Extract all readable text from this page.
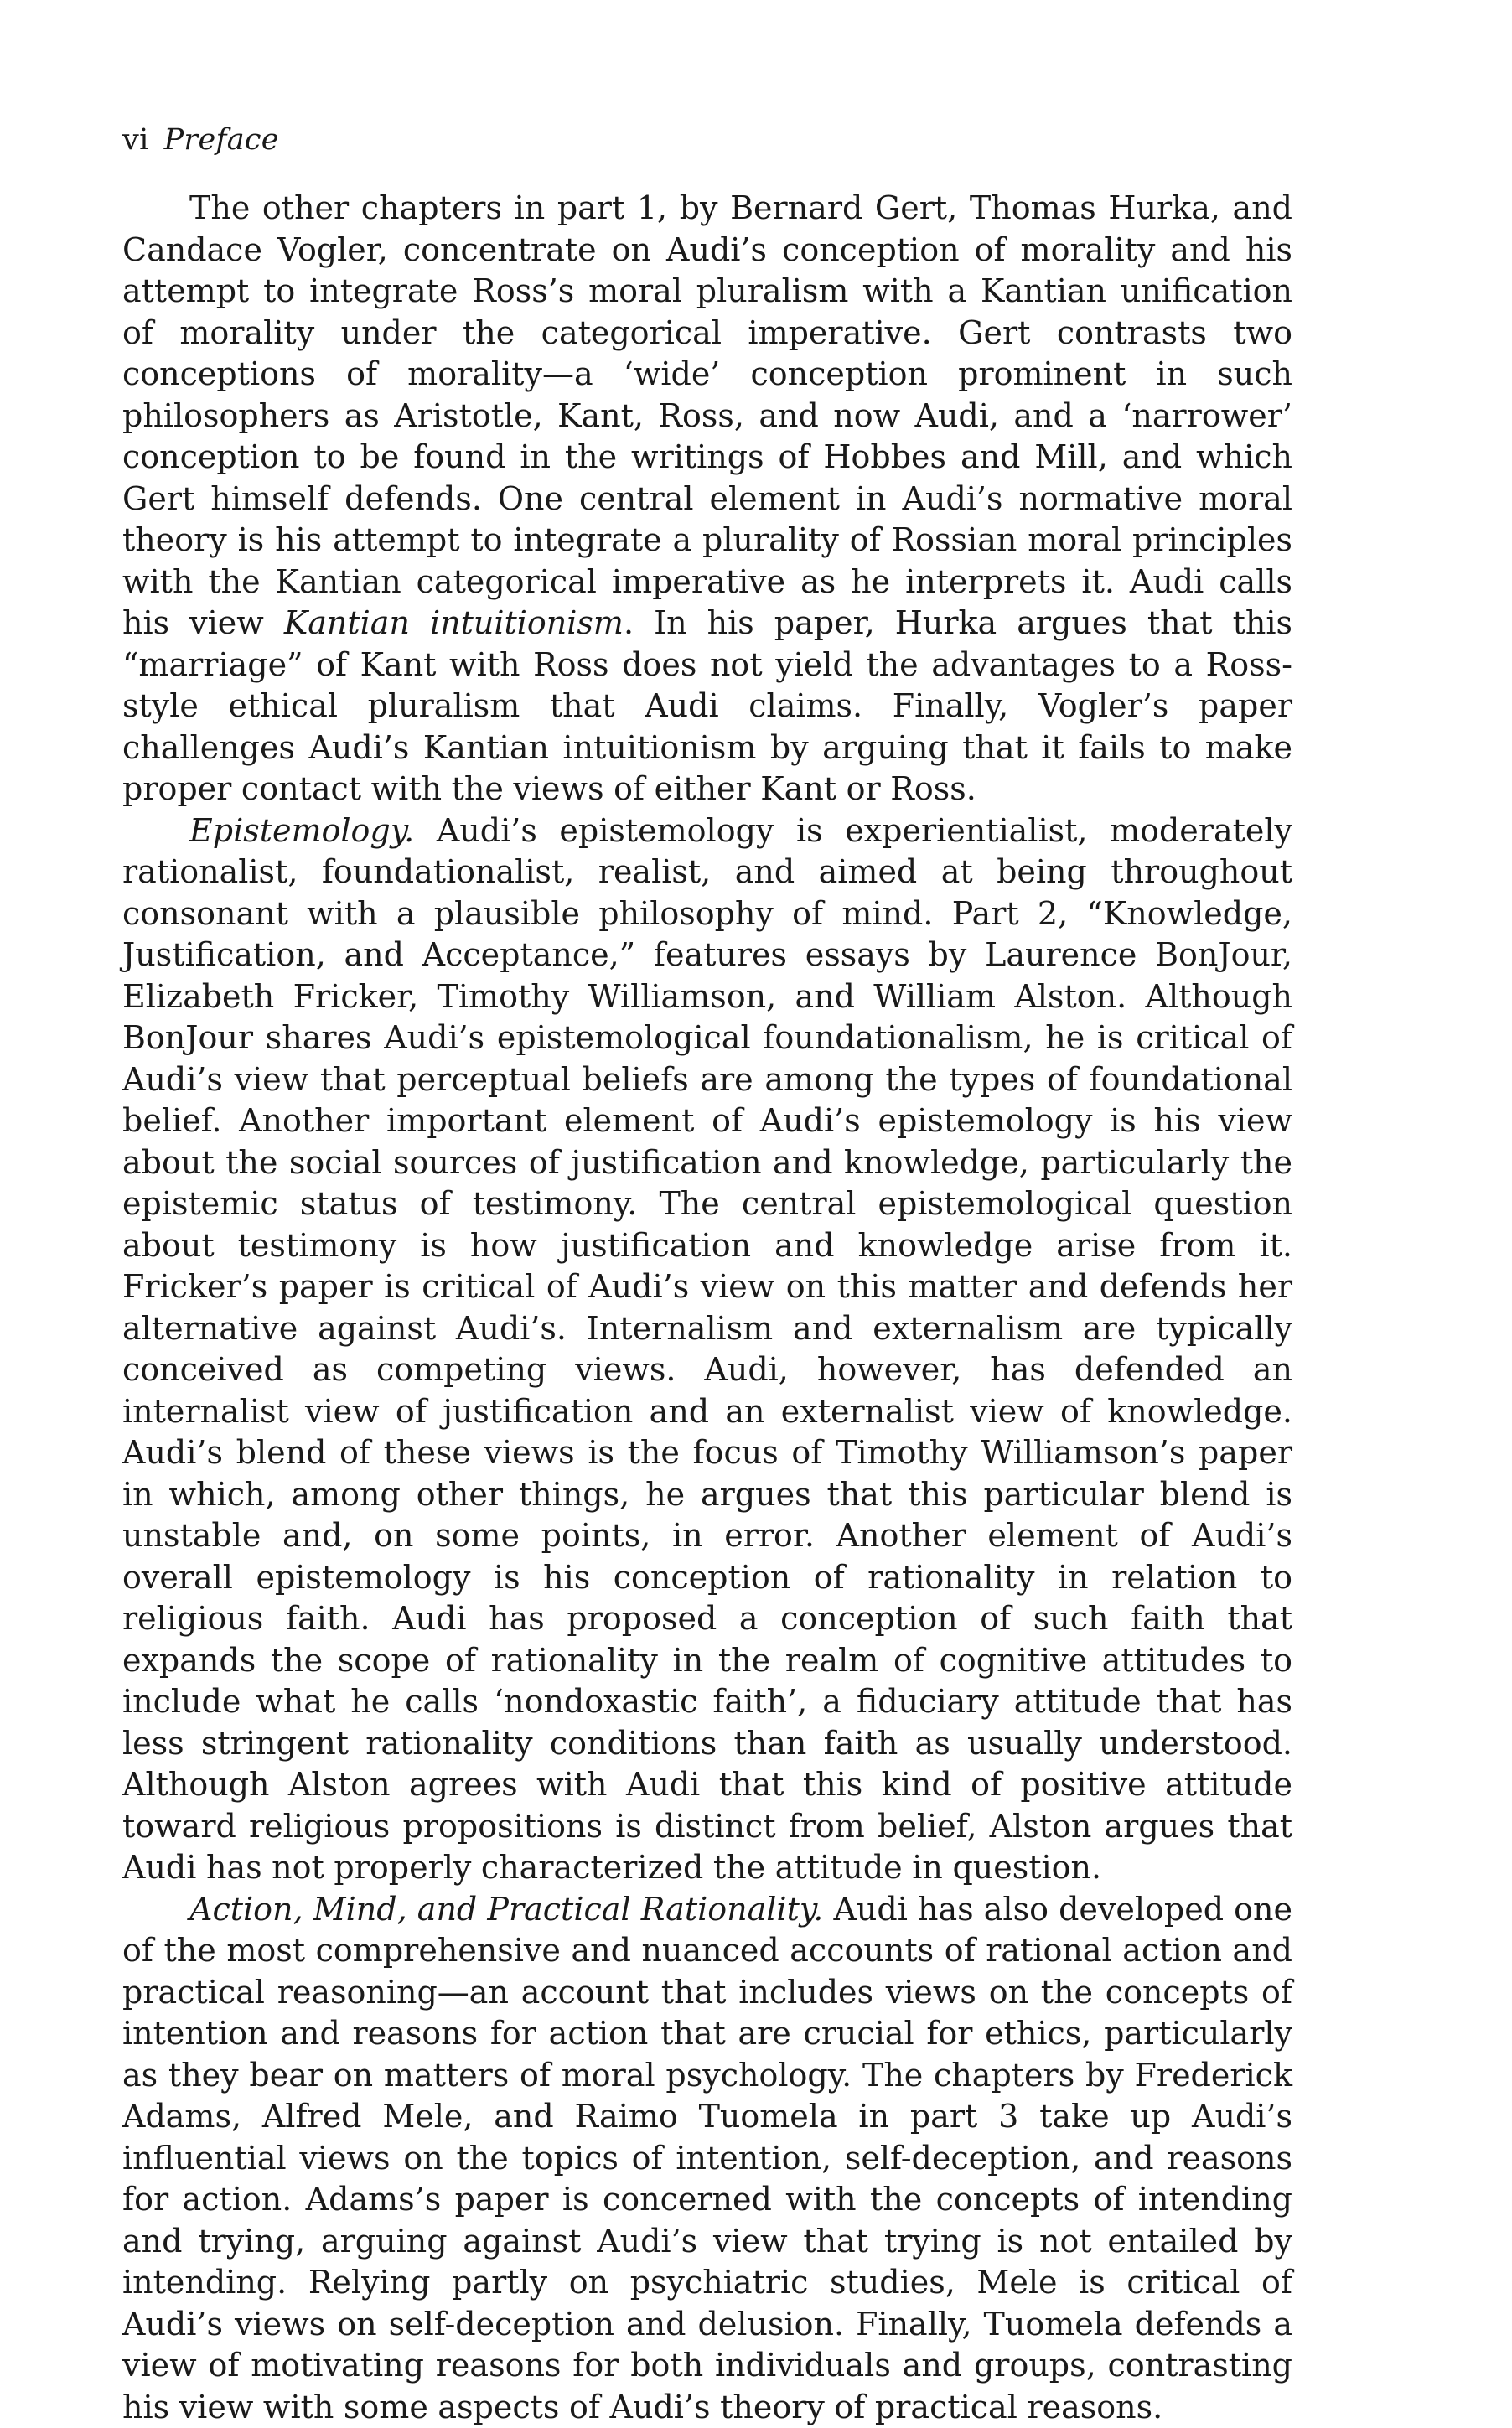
vi Preface

The other chapters in part 1, by Bernard Gert, Thomas Hurka, and Candace Vogler, concentrate on Audi’s conception of morality and his attempt to integrate Ross’s moral pluralism with a Kantian unification of morality under the categorical imperative. Gert contrasts two conceptions of morality—a ‘wide’ conception prominent in such philosophers as Aristotle, Kant, Ross, and now Audi, and a ‘narrower’ conception to be found in the writings of Hobbes and Mill, and which Gert himself defends. One central element in Audi’s normative moral theory is his attempt to integrate a plurality of Rossian moral principles with the Kantian categorical imperative as he interprets it. Audi calls his view Kantian intuitionism. In his paper, Hurka argues that this “marriage” of Kant with Ross does not yield the advantages to a Ross-style ethical pluralism that Audi claims. Finally, Vogler’s paper challenges Audi’s Kantian intuitionism by arguing that it fails to make proper contact with the views of either Kant or Ross.

Epistemology. Audi’s epistemology is experientialist, moderately rationalist, foundationalist, realist, and aimed at being throughout consonant with a plausible philosophy of mind. Part 2, “Knowledge, Justification, and Acceptance,” features essays by Laurence BonJour, Elizabeth Fricker, Timothy Williamson, and William Alston. Although BonJour shares Audi’s epistemological foundationalism, he is critical of Audi’s view that perceptual beliefs are among the types of foundational belief. Another important element of Audi’s epistemology is his view about the social sources of justification and knowledge, particularly the epistemic status of testimony. The central epistemological question about testimony is how justification and knowledge arise from it. Fricker’s paper is critical of Audi’s view on this matter and defends her alternative against Audi’s. Internalism and externalism are typically conceived as competing views. Audi, however, has defended an internalist view of justification and an externalist view of knowledge. Audi’s blend of these views is the focus of Timothy Williamson’s paper in which, among other things, he argues that this particular blend is unstable and, on some points, in error. Another element of Audi’s overall epistemology is his conception of rationality in relation to religious faith. Audi has proposed a conception of such faith that expands the scope of rationality in the realm of cognitive attitudes to include what he calls ‘nondoxastic faith’, a fiduciary attitude that has less stringent rationality conditions than faith as usually understood. Although Alston agrees with Audi that this kind of positive attitude toward religious propositions is distinct from belief, Alston argues that Audi has not properly characterized the attitude in question.

Action, Mind, and Practical Rationality. Audi has also developed one of the most comprehensive and nuanced accounts of rational action and practical reasoning—an account that includes views on the concepts of intention and reasons for action that are crucial for ethics, particularly as they bear on matters of moral psychology. The chapters by Frederick Adams, Alfred Mele, and Raimo Tuomela in part 3 take up Audi’s influential views on the topics of intention, self-deception, and reasons for action. Adams’s paper is concerned with the concepts of intending and trying, arguing against Audi’s view that trying is not entailed by intending. Relying partly on psychiatric studies, Mele is critical of Audi’s views on self-deception and delusion. Finally, Tuomela defends a view of motivating reasons for both individuals and groups, contrasting his view with some aspects of Audi’s theory of practical reasons.
